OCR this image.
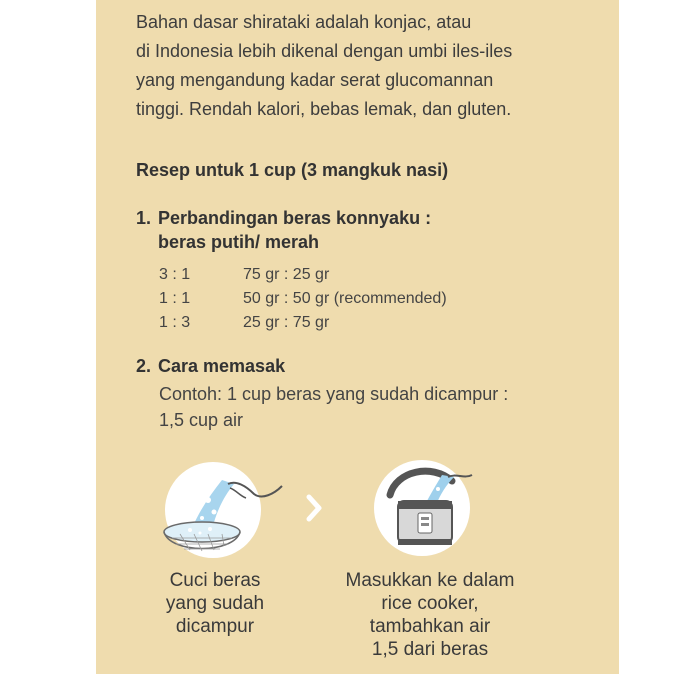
Bahan dasar shirataki adalah konjac, atau
di Indonesia lebih dikenal dengan umbi iles-iles
yang mengandung kadar serat glucomannan
tinggi. Rendah kalori, bebas lemak, dan gluten.
Resep untuk 1 cup (3 mangkuk nasi)
1. Perbandingan beras konnyaku :
beras putih/ merah
3 : 1	75 gr : 25 gr
1 : 1	50 gr : 50 gr (recommended)
1 : 3	25 gr : 75 gr
2. Cara memasak
Contoh: 1 cup beras yang sudah dicampur :
1,5 cup air
Cuci beras
yang sudah
dicampur
Masukkan ke dalam
rice cooker,
tambahkan air
1,5 dari beras
